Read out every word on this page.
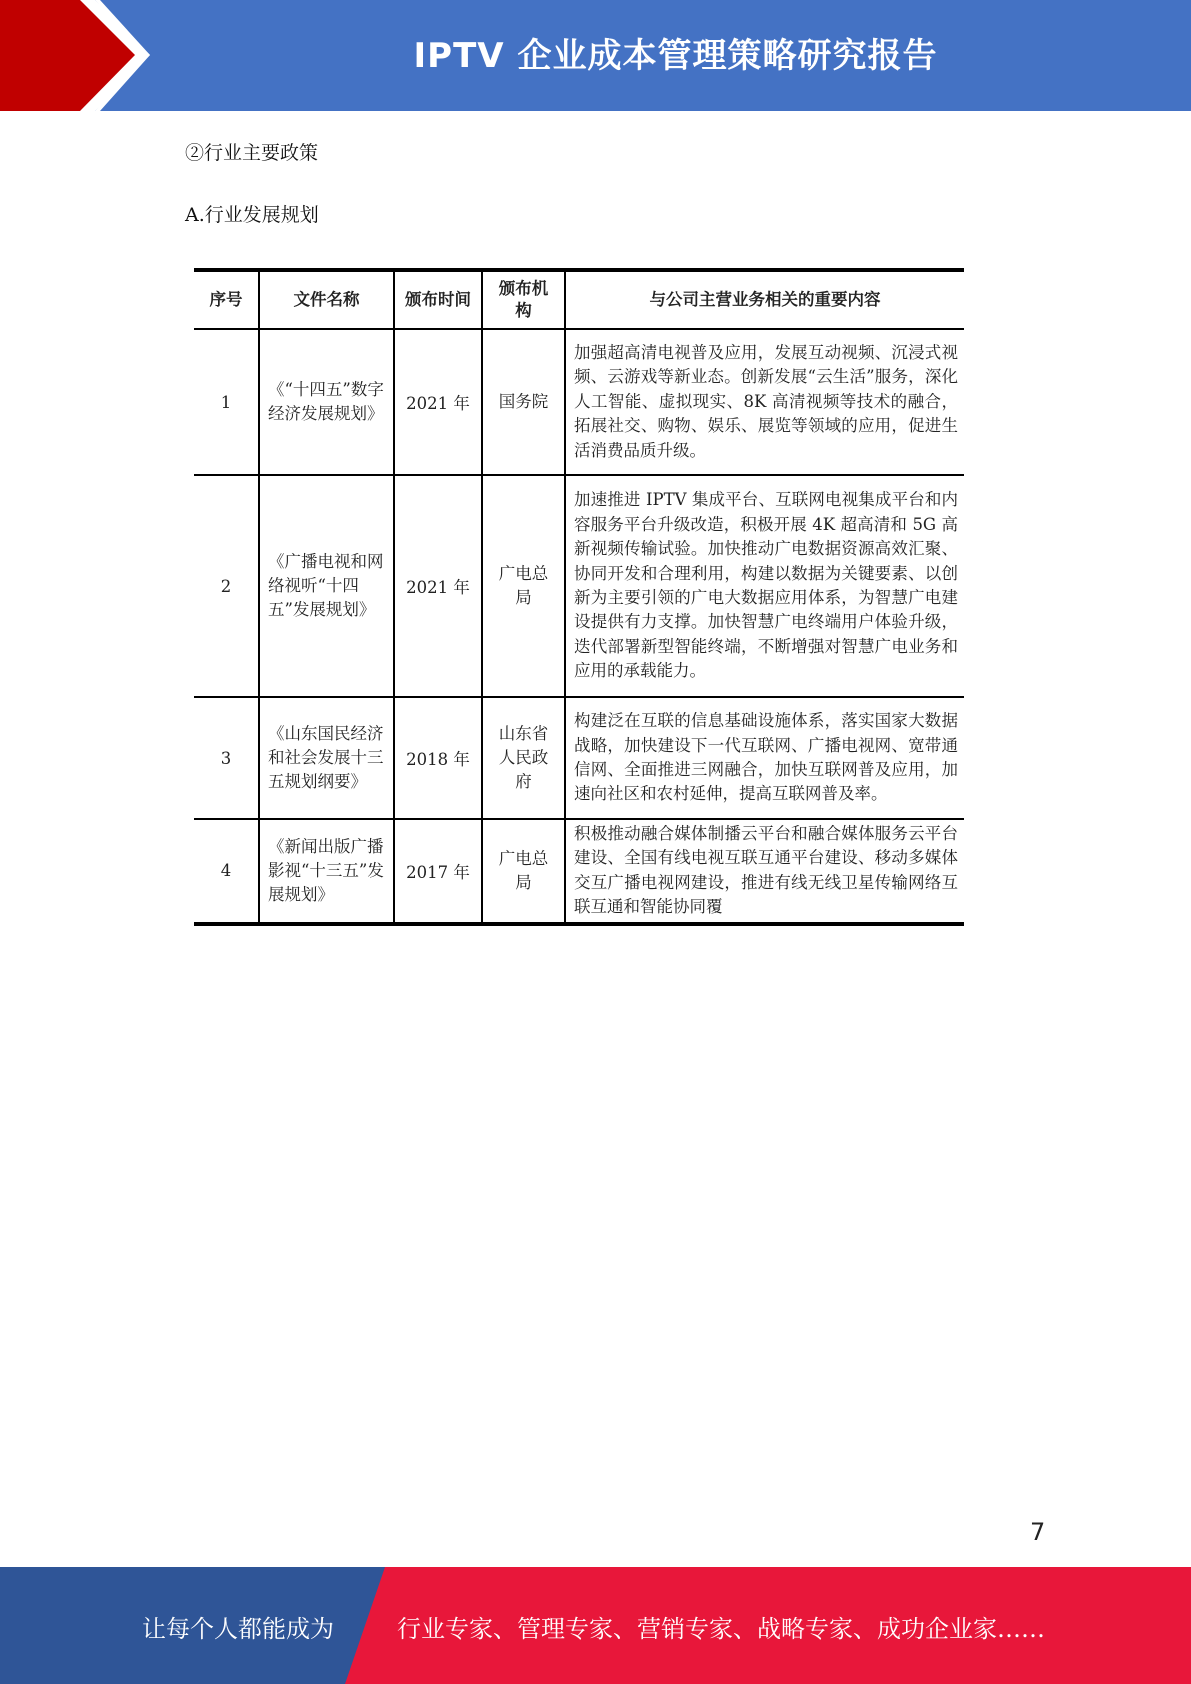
IPTV 企业成本管理策略研究报告
②行业主要政策
A.行业发展规划
序号	文件名称	颁布时间	颁布机构	与公司主营业务相关的重要内容
1	《“十四五”数字经济发展规划》	2021 年	国务院	加强超高清电视普及应用，发展互动视频、沉浸式视频、云游戏等新业态。创新发展“云生活”服务，深化人工智能、虚拟现实、8K 高清视频等技术的融合，拓展社交、购物、娱乐、展览等领域的应用，促进生活消费品质升级。
2	《广播电视和网络视听“十四五”发展规划》	2021 年	广电总局	加速推进 IPTV 集成平台、互联网电视集成平台和内容服务平台升级改造，积极开展 4K 超高清和 5G 高新视频传输试验。加快推动广电数据资源高效汇聚、协同开发和合理利用，构建以数据为关键要素、以创新为主要引领的广电大数据应用体系，为智慧广电建设提供有力支撑。加快智慧广电终端用户体验升级，迭代部署新型智能终端，不断增强对智慧广电业务和应用的承载能力。
3	《山东国民经济和社会发展十三五规划纲要》	2018 年	山东省人民政府	构建泛在互联的信息基础设施体系，落实国家大数据战略，加快建设下一代互联网、广播电视网、宽带通信网、全面推进三网融合，加快互联网普及应用，加速向社区和农村延伸，提高互联网普及率。
4	《新闻出版广播影视“十三五”发展规划》	2017 年	广电总局	积极推动融合媒体制播云平台和融合媒体服务云平台建设、全国有线电视互联互通平台建设、移动多媒体交互广播电视网建设，推进有线无线卫星传输网络互联互通和智能协同覆
7
让每个人都能成为	行业专家、管理专家、营销专家、战略专家、成功企业家……
